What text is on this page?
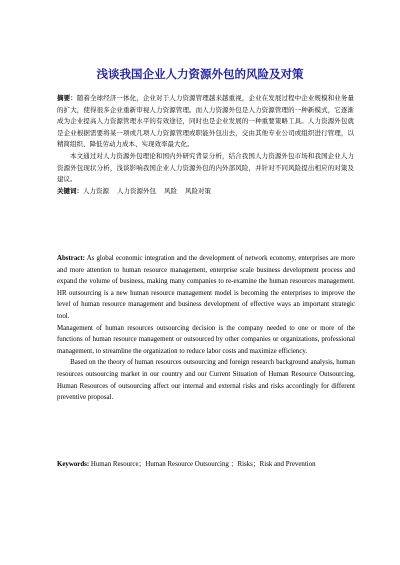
浅谈我国企业人力资源外包的风险及对策

摘要：随着全球经济一体化，企业对于人力资源管理越来越重视，企业在发展过程中企业规模和业务量的扩大，使得很多企业重新审视人力资源管理。而人力资源外包是人力资源管理的一种新模式，它逐渐成为企业提高人力资源管理水平的有效途径，同时也是企业发展的一种重要策略工具。人力资源外包就是企业根据需要将某一项或几项人力资源管理或职能外包出去，交由其他专业公司或组织进行管理，以精简组织、降低劳动力成本、实现效率最大化。

本文通过对人力资源外包理论和国内外研究背景分析，结合我国人力资源外包市场和我国企业人力资源外包现状分析，浅谈影响我国企业人力资源外包的内外部风险，并针对不同风险提出相应的对策及建议。

关键词：人力资源 人力资源外包 风险 风险对策

Abstract: As global economic integration and the development of network economy, enterprises are more and more attention to human resource management, enterprise scale business development process and expand the volume of business, making many companies to re-examine the human resources management. HR outsourcing is a new human resource management model is becoming the enterprises to improve the level of human resource management and business development of effective ways an important strategic tool.

Management of human resources outsourcing decision is the company needed to one or more of the functions of human resource management or outsourced by other companies or organizations, professional management, to streamline the organization to reduce labor costs and maximize efficiency.

Based on the theory of human resources outsourcing and foreign research background analysis, human resources outsourcing market in our country and our Current Situation of Human Resource Outsourcing, Human Resources of outsourcing affect our internal and external risks and risks accordingly for different preventive proposal.

Keywords: Human Resource；Human Resource Outsourcing ；Risks；Risk and Prevention
